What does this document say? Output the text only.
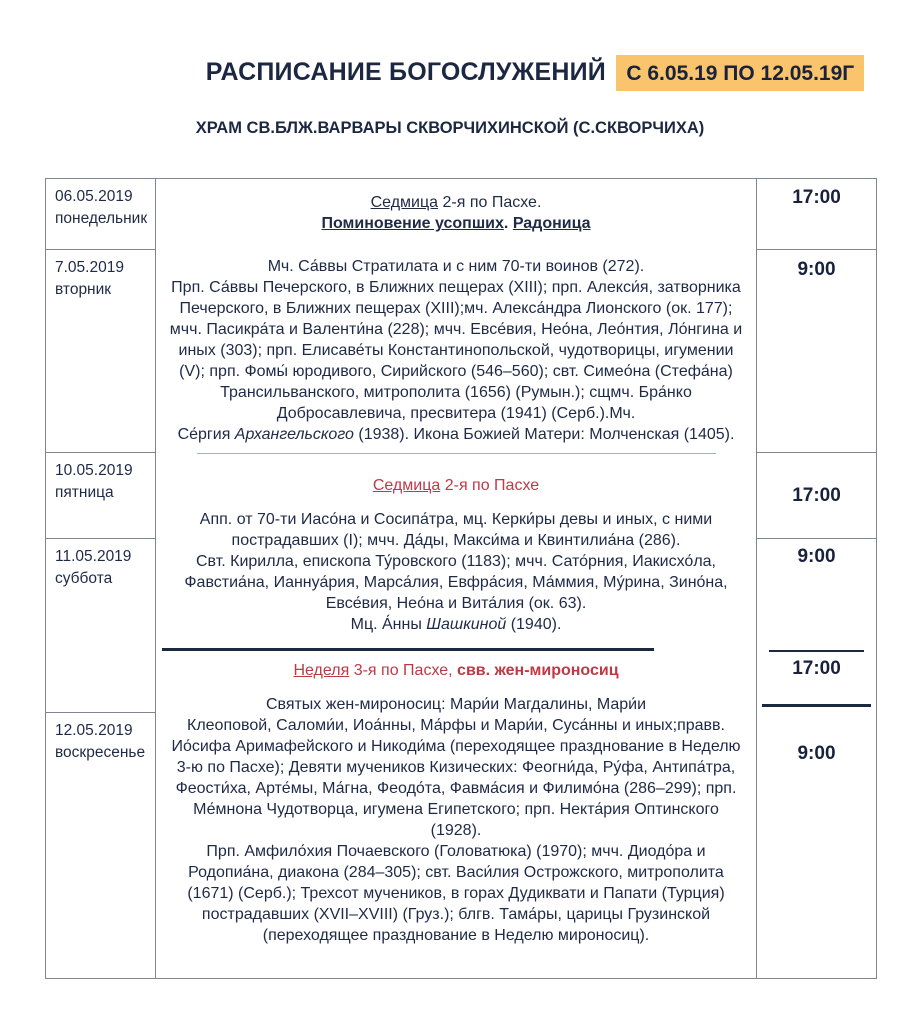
РАСПИСАНИЕ БОГОСЛУЖЕНИЙ С 6.05.19 ПО 12.05.19Г
ХРАМ СВ.БЛЖ.ВАРВАРЫ СКВОРЧИХИНСКОЙ (С.СКВОРЧИХА)
06.05.2019
понедельник
7.05.2019
вторник
10.05.2019
пятница
11.05.2019
суббота
12.05.2019
воскресенье
Седмица 2-я по Пасхе.
Поминовение усопших. Радоница
Мч. Са́ввы Стратилата и с ним 70-ти воинов (272).
Прп. Са́ввы Печерского, в Ближних пещерах (XIII); прп. Алекси́я, затворника Печерского, в Ближних пещерах (XIII);мч. Алекса́ндра Лионского (ок. 177); мчч. Пасикра́та и Валенти́на (228); мчч. Евсе́вия, Нео́на, Лео́нтия, Ло́нгина и иных (303); прп. Елисаве́ты Константинопольской, чудотворицы, игумении (V); прп. Фомы́ юродивого, Сирийского (546–560); свт. Симео́на (Стефа́на) Трансильванского, митрополита (1656) (Румын.); сщмч. Бра́нко Добросавлевича, пресвитера (1941) (Серб.).Мч.
Се́ргия Архангельского (1938). Икона Божией Матери: Молченская (1405).
Седмица 2-я по Пасхе
Апп. от 70-ти Иасо́на и Сосипа́тра, мц. Керки́ры девы и иных, с ними пострадавших (I); мчч. Да́ды, Макси́ма и Квинтилиа́на (286).
Свт. Кирилла, епископа Ту́ровского (1183); мчч. Сато́рния, Иакисхо́ла, Фавстиа́на, Ианнуа́рия, Марса́лия, Евфра́сия, Ма́ммия, Му́рина, Зино́на, Евсе́вия, Нео́на и Вита́лия (ок. 63).
Мц. А́нны Шашкиной (1940).
Неделя 3-я по Пасхе, свв. жен-мироносиц
Святых жен-мироносиц: Мари́и Магдалины, Мари́и
Клеоповой, Саломи́и, Иоа́нны, Ма́рфы и Мари́и, Суса́нны и иных;правв. Ио́сифа Аримафейского и Никоди́ма (переходящее празднование в Неделю 3-ю по Пасхе); Девяти мучеников Кизических: Феогни́да, Ру́фа, Антипа́тра, Феости́ха, Арте́мы, Ма́гна, Феодо́та, Фавма́сия и Филимо́на (286–299); прп. Ме́мнона Чудотворца, игумена Египетского; прп. Некта́рия Оптинского (1928).
Прп. Амфило́хия Почаевского (Головатюка) (1970); мчч. Диодо́ра и Родопиа́на, диакона (284–305); свт. Васи́лия Острожского, митрополита (1671) (Серб.); Трехсот мучеников, в горах Дудиквати и Папати (Турция) пострадавших (XVII–XVIII) (Груз.); блгв. Тама́ры, царицы Грузинской (переходящее празднование в Неделю мироносиц).
17:00
9:00
17:00
9:00
17:00
9:00
